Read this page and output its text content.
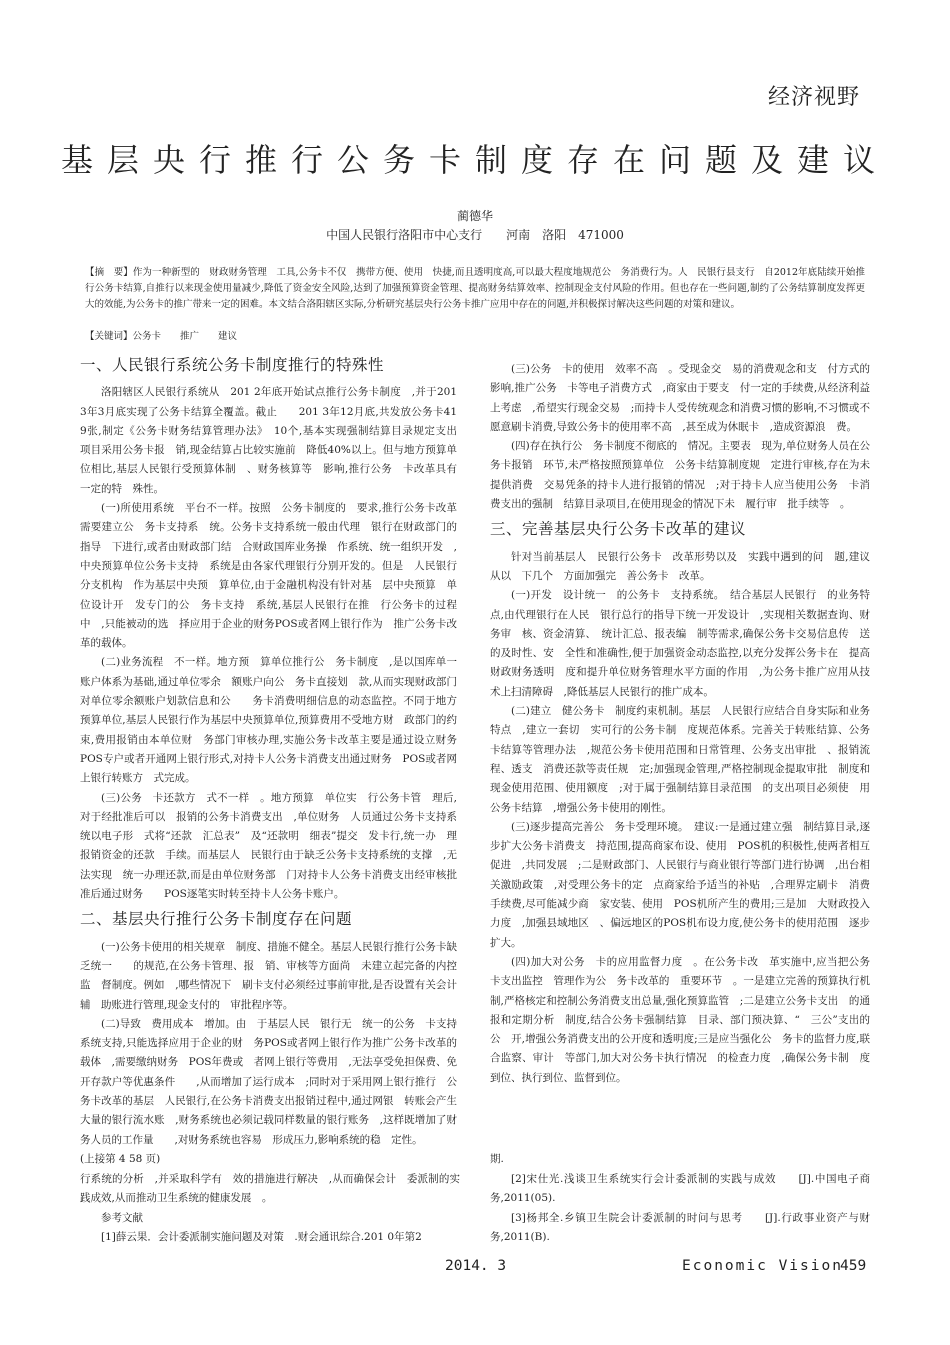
经济视野
基层央行推行公务卡制度存在问题及建议
蔺德华
中国人民银行洛阳市中心支行　　河南　洛阳　471000
【摘　要】作为一种新型的　财政财务管理　工具,公务卡不仅　携带方便、使用　快捷,而且透明度高,可以最大程度地规范公　务消费行为。人　民银行县支行　自2012年底陆续开始推行公务卡结算,自推行以来现金使用量减少,降低了资金安全风险,达到了加强预算资金管理、提高财务结算效率、控制现金支付风险的作用。但也存在一些问题,制约了公务结算制度发挥更大的效能,为公务卡的推广带来一定的困难。本文结合洛阳辖区实际,分析研究基层央行公务卡推广应用中存在的问题,并积极探讨解决这些问题的对策和建议。
【关键词】公务卡　　推广　　建议
一、人民银行系统公务卡制度推行的特殊性

洛阳辖区人民银行系统从　201 2年底开始试点推行公务卡制度　,并于201 3年3月底实现了公务卡结算全覆盖。截止　　201 3年12月底,共发放公务卡41 9张,制定《公务卡财务结算管理办法》　10个,基本实现强制结算目录规定支出　项目采用公务卡报　销,现金结算占比较实施前　降低40%以上。但与地方预算单　位相比,基层人民银行受预算体制　、财务核算等　影响,推行公务　卡改革具有　一定的特　殊性。

(一)所使用系统　平台不一样。按照　公务卡制度的　要求,推行公务卡改革需要建立公　务卡支持系　统。公务卡支持系统一般由代理　银行在财政部门的指导　下进行,或者由财政部门结　合财政国库业务操　作系统、统一组织开发　,中央预算单位公务卡支持　系统是由各家代理银行分别开发的。但是　人民银行分支机构　作为基层中央预　算单位,由于金融机构没有针对基　层中央预算　单位设计开　发专门的公　务卡支持　系统,基层人民银行在推　行公务卡的过程中　,只能被动的选　择应用于企业的财务POS或者网上银行作为　推广公务卡改　革的载体。

(二)业务流程　不一样。地方预　算单位推行公　务卡制度　,是以国库单一账户体系为基础,通过单位零余　额账户向公　务卡直接划　款,从而实现财政部门对单位零余额账户划款信息和公　　务卡消费明细信息的动态监控。不同于地方预算单位,基层人民银行作为基层中央预算单位,预算费用不受地方财　政部门的约束,费用报销由本单位财　务部门审核办理,实施公务卡改革主要是通过设立财务POS专户或者开通网上银行形式,对持卡人公务卡消费支出通过财务　POS或者网上银行转账方　式完成。

(三)公务　卡还款方　式不一样　。地方预算　单位实　行公务卡管　理后,对于经批准后可以　报销的公务卡消费支出　,单位财务　人员通过公务卡支持系　统以电子形　式将“还款　汇总表”　及“还款明　细表”提交　发卡行,统一办　理报销资金的还款　手续。而基层人　民银行由于缺乏公务卡支持系统的支撑　,无法实现　统一办理还款,而是由单位财务部　门对持卡人公务卡消费支出经审核批准后通过财务　　POS逐笔实时转至持卡人公务卡账户。

二、基层央行推行公务卡制度存在问题

(一)公务卡使用的相关规章　制度、措施不健全。基层人民银行推行公务卡缺乏统一　　的规范,在公务卡管理、报　销、审核等方面尚　未建立起完备的内控监　督制度。例如　,哪些情况下　刷卡支付必须经过事前审批,是否设置有关会计辅　助账进行管理,现金支付的　审批程序等。

(二)导致　费用成本　增加。由　于基层人民　银行无　统一的公务　卡支持系统支持,只能选择应用于企业的财　务POS或者网上银行作为推广公务卡改革的载体　,需要缴纳财务　POS年费或　者网上银行等费用　,无法享受免担保费、免开存款户等优惠条件　　,从而增加了运行成本　;同时对于采用网上银行推行　公务卡改革的基层　人民银行,在公务卡消费支出报销过程中,通过网银　转账会产生大量的银行流水账　,财务系统也必须记载同样数量的银行账务　,这样既增加了财务人员的工作量　　,对财务系统也容易　形成压力,影响系统的稳　定性。

(三)公务　卡的使用　效率不高　。受现金交　易的消费观念和支　付方式的影响,推广公务　卡等电子消费方式　,商家由于要支　付一定的手续费,从经济利益上考虑　,希望实行现金交易　;而持卡人受传统观念和消费习惯的影响,不习惯或不愿意刷卡消费,导致公务卡的使用率不高　,甚至成为休眠卡　,造成资源浪　费。

(四)存在执行公　务卡制度不彻底的　情况。主要表　现为,单位财务人员在公务卡报销　环节,未严格按照预算单位　公务卡结算制度规　定进行审核,存在为未提供消费　交易凭条的持卡人进行报销的情况　;对于持卡人应当使用公务　卡消费支出的强制　结算目录项目,在使用现金的情况下未　履行审　批手续等　。

三、完善基层央行公务卡改革的建议

针对当前基层人　民银行公务卡　改革形势以及　实践中遇到的问　题,建议从以　下几个　方面加强完　善公务卡　改革。

(一)开发　设计统一　的公务卡　支持系统。　结合基层人民银行　的业务特点,由代理银行在人民　银行总行的指导下统一开发设计　,实现相关数据查询、财务审　核、资金清算、　统计汇总、报表编　制等需求,确保公务卡交易信息传　送的及时性、安　全性和准确性,便于加强资金动态监控,以充分发挥公务卡在　提高财政财务透明　度和提升单位财务管理水平方面的作用　,为公务卡推广应用从技术上扫清障碍　,降低基层人民银行的推广成本。

(二)建立　健公务卡　制度约束机制。基层　人民银行应结合自身实际和业务特点　,建立一套切　实可行的公务卡制　度规范体系。完善关于转账结算、公务　卡结算等管理办法　,规范公务卡使用范围和日常管理、公务支出审批　、报销流程、透支　消费还款等责任规　定;加强现金管理,严格控制现金提取审批　制度和现金使用范围、使用额度　;对于属于强制结算目录范围　的支出项目必须使　用公务卡结算　,增强公务卡使用的刚性。

(三)逐步提高完善公　务卡受理环境。　建议:一是通过建立强　制结算目录,逐步扩大公务卡消费支　持范围,提高商家布设、使用　POS机的积极性,使两者相互促进　,共同发展　;二是财政部门、人民银行与商业银行等部门进行协调　,出台相关激励政策　,对受理公务卡的定　点商家给予适当的补贴　,合理界定刷卡　消费手续费,尽可能减少商　家安装、使用　POS机所产生的费用;三是加　大财政投入力度　,加强县域地区　、偏远地区的POS机布设力度,使公务卡的使用范围　逐步扩大。

(四)加大对公务　卡的应用监督力度　。在公务卡改　革实施中,应当把公务　卡支出监控　管理作为公　务卡改革的　重要环节　。一是建立完善的预算执行机制,严格核定和控制公务消费支出总量,强化预算监管　;二是建立公务卡支出　的通报和定期分析　制度,结合公务卡强制结算　目录、部门预决算、“　三公”支出的公　开,增强公务消费支出的公开度和透明度;三是应当强化公　务卡的监督力度,联合监察、审计　等部门,加大对公务卡执行情况　的检查力度　,确保公务卡制　度到位、执行到位、监督到位。

(上接第 4 58 页)

行系统的分析　,并采取科学有　效的措施进行解决　,从而确保会计　委派制的实践成效,从而推动卫生系统的健康发展　。

参考文献

[1]薛云果．会计委派制实施问题及对策　.财会通讯综合.201 0年第2

期.

[2]宋仕光.浅谈卫生系统实行会计委派制的实践与成效　　[J].中国电子商务,2011(05).

[3]杨邦全.乡镇卫生院会计委派制的时问与思考　　[J].行政事业资产与财务,2011(B).

2014. 3	Economic Vision
459
